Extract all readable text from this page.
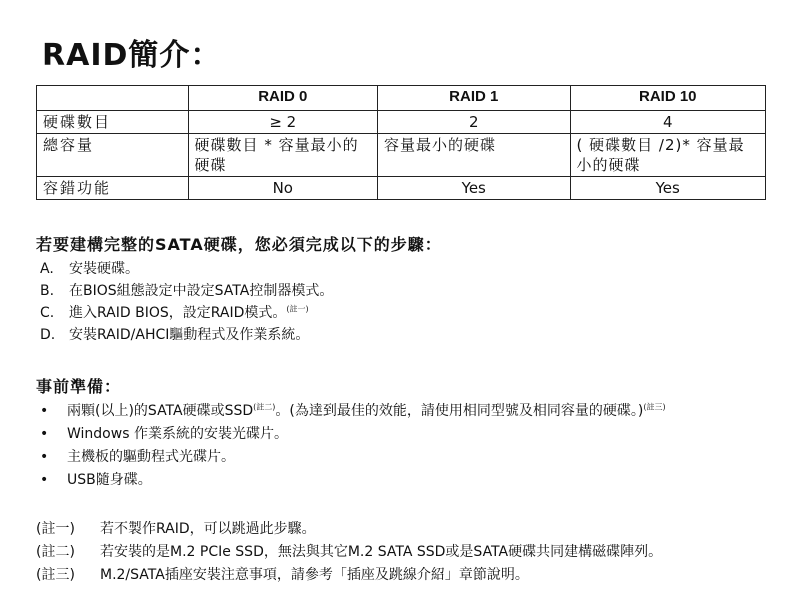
RAID簡介：
	RAID 0	RAID 1	RAID 10
硬碟數目	≥ 2	2	4
總容量	硬碟數目 * 容量最小的硬碟	容量最小的硬碟	( 硬碟數目 /2)* 容量最小的硬碟
容錯功能	No	Yes	Yes
若要建構完整的SATA硬碟，您必須完成以下的步驟：
A.	安裝硬碟。
B.	在BIOS組態設定中設定SATA控制器模式。
C.	進入RAID BIOS，設定RAID模式。$^{(註一)}$
D. 安裝RAID/AHCI驅動程式及作業系統。
事前準備：
•	兩顆(以上)的SATA硬碟或SSD$^{(註二)}$。(為達到最佳的效能，請使用相同型號及相同容量的硬碟。)$^{(註三)}$
•	Windows 作業系統的安裝光碟片。
•	主機板的驅動程式光碟片。
•	USB隨身碟。
(註一)	若不製作RAID，可以跳過此步驟。
(註二)	若安裝的是M.2 PCIe SSD，無法與其它M.2 SATA SSD或是SATA硬碟共同建構磁碟陣列。
(註三)	M.2/SATA插座安裝注意事項，請參考「插座及跳線介紹」章節說明。
